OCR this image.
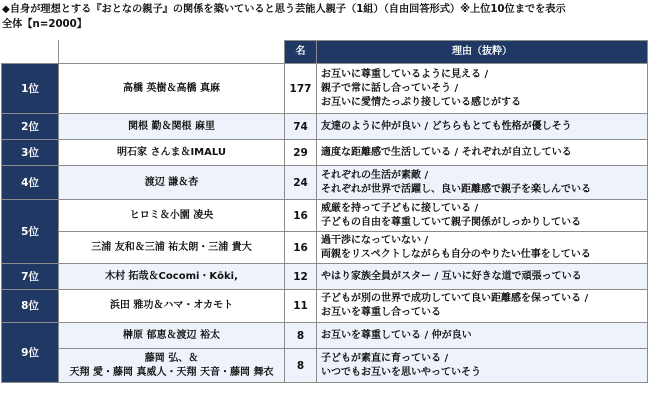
◆自身が理想とする『おとなの親子』の関係を築いていると思う芸能人親子（1組）（自由回答形式）※上位10位までを表示
全体【n=2000】
		名	理由（抜粋）
1位	高橋 英樹＆高橋 真麻	177	お互いに尊重しているように見える /
親子で常に話し合っていそう /
お互いに愛情たっぷり接している感じがする

2位	関根 勤＆関根 麻里	74	友達のように仲が良い / どちらもとても性格が優しそう

3位	明石家 さんま＆IMALU	29	適度な距離感で生活している / それぞれが自立している

4位	渡辺 謙＆杏	24	それぞれの生活が素敵 /
それぞれが世界で活躍し、良い距離感で親子を楽しんでいる

5位	ヒロミ＆小園 凌央	16	威厳を持って子どもに接している /
子どもの自由を尊重していて親子関係がしっかりしている

	三浦 友和＆三浦 祐太朗・三浦 貴大	16	過干渉になっていない /
両親をリスペクトしながらも自分のやりたい仕事をしている

7位	木村 拓哉＆Cocomi・Kōki,	12	やはり家族全員がスター / 互いに好きな道で頑張っている

8位	浜田 雅功＆ハマ・オカモト	11	子どもが別の世界で成功していて良い距離感を保っている /
お互いを尊重し合っている

9位	榊原 郁恵＆渡辺 裕太	8	お互いを尊重している / 仲が良い

	藤岡 弘、＆
天翔 愛・藤岡 真威人・天翔 天音・藤岡 舞衣	8	子どもが素直に育っている /
いつでもお互いを思いやっていそう
